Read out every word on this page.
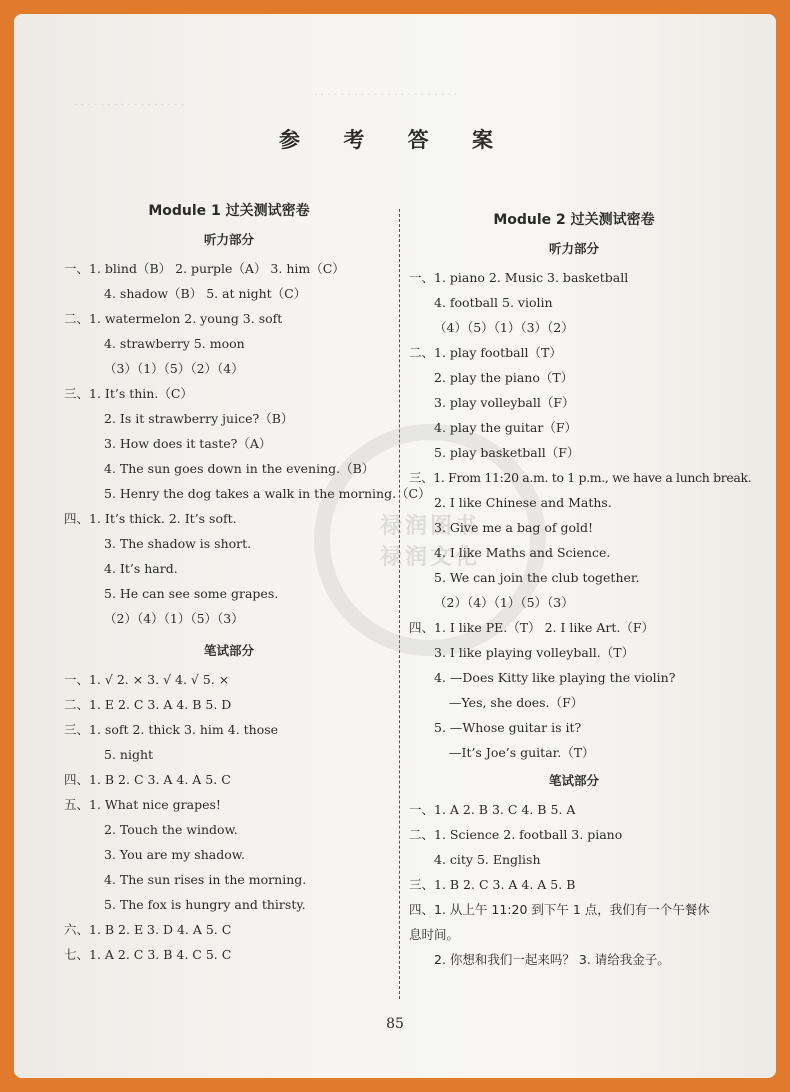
· · · · · · · · · · · · · · · · · · · · · ·
· · · · · · · · · · · · · · · · ·
参 考 答 案
禄润图书
禄润文化
Module 1 过关测试密卷
听力部分
一、1. blind（B） 2. purple（A） 3. him（C）
4. shadow（B） 5. at night（C）
二、1. watermelon 2. young 3. soft
4. strawberry 5. moon
（3）（1）（5）（2）（4）
三、1. It’s thin.（C）
2. Is it strawberry juice?（B）
3. How does it taste?（A）
4. The sun goes down in the evening.（B）
5. Henry the dog takes a walk in the morning.（C）
四、1. It’s thick. 2. It’s soft.
3. The shadow is short.
4. It’s hard.
5. He can see some grapes.
（2）（4）（1）（5）（3）
笔试部分
一、1. √ 2. × 3. √ 4. √ 5. ×
二、1. E 2. C 3. A 4. B 5. D
三、1. soft 2. thick 3. him 4. those
5. night
四、1. B 2. C 3. A 4. A 5. C
五、1. What nice grapes!
2. Touch the window.
3. You are my shadow.
4. The sun rises in the morning.
5. The fox is hungry and thirsty.
六、1. B 2. E 3. D 4. A 5. C
七、1. A 2. C 3. B 4. C 5. C
Module 2 过关测试密卷
听力部分
一、1. piano 2. Music 3. basketball
4. football 5. violin
（4）（5）（1）（3）（2）
二、1. play football（T）
2. play the piano（T）
3. play volleyball（F）
4. play the guitar（F）
5. play basketball（F）
三、1. From 11:20 a.m. to 1 p.m., we have a lunch break.
2. I like Chinese and Maths.
3. Give me a bag of gold!
4. I like Maths and Science.
5. We can join the club together.
（2）（4）（1）（5）（3）
四、1. I like PE.（T） 2. I like Art.（F）
3. I like playing volleyball.（T）
4. —Does Kitty like playing the violin?
—Yes, she does.（F）
5. —Whose guitar is it?
—It’s Joe’s guitar.（T）
笔试部分
一、1. A 2. B 3. C 4. B 5. A
二、1. Science 2. football 3. piano
4. city 5. English
三、1. B 2. C 3. A 4. A 5. B
四、1. 从上午 11:20 到下午 1 点，我们有一个午餐休
息时间。
2. 你想和我们一起来吗？ 3. 请给我金子。
85
